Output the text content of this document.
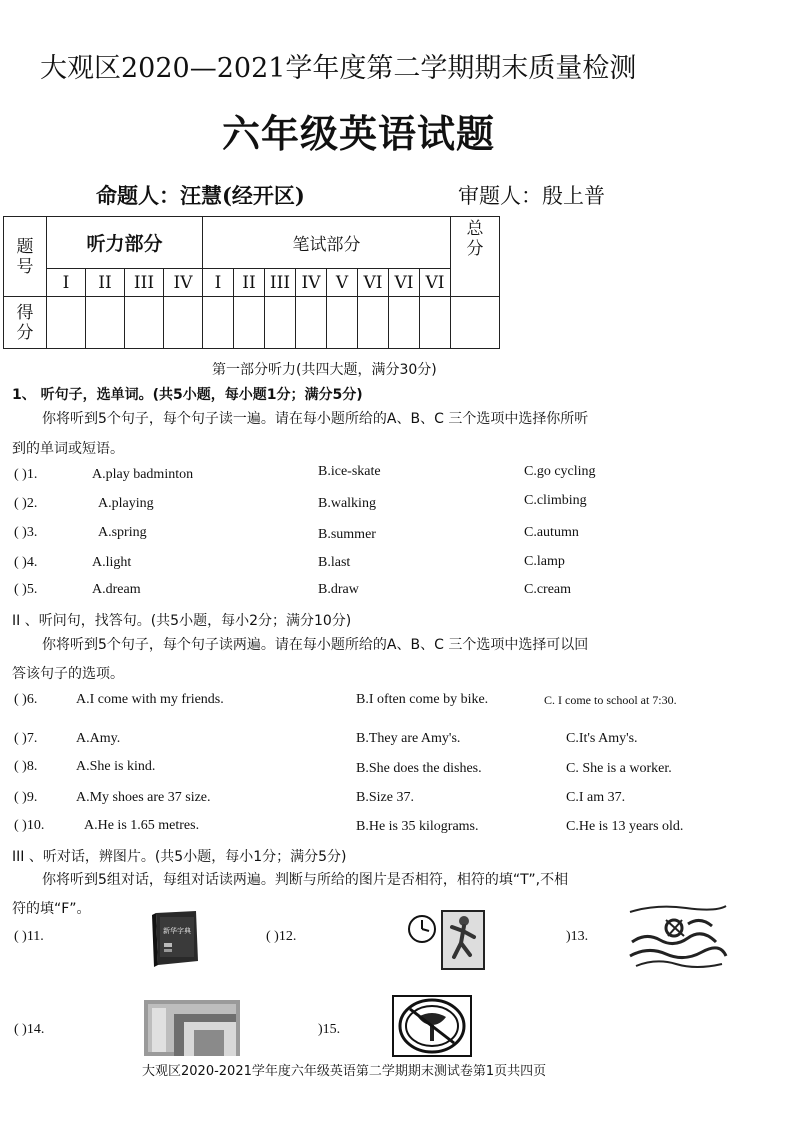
大观区2020—2021学年度第二学期期末质量检测
六年级英语试题
命题人：汪慧(经开区)	审题人：殷上普
题号	听力部分				笔试部分								总分

	I	II	III	IV	I	II	III	IV	V	VI	VI	VI	

得分													

第一部分听力(共四大题，满分30分)
1、 听句子，选单词。(共5小题，每小题1分；满分5分)
你将听到5个句子，每个句子读一遍。请在每小题所给的A、B、C 三个选项中选择你所听
到的单词或短语。
( )1.	A.play badminton	B.ice-skate	C.go cycling
( )2.	A.playing	B.walking	C.climbing
( )3.	A.spring	B.summer	C.autumn
( )4.	A.light	B.last	C.lamp
( )5.	A.dream	B.draw	C.cream
II 、听问句，找答句。(共5小题，每小2分；满分10分)
你将听到5个句子，每个句子读两遍。请在每小题所给的A、B、C 三个选项中选择可以回
答该句子的选项。
( )6.	A.I come with my friends.	B.I often come by bike.	C. I come to school at 7:30.
( )7.	A.Amy.	B.They are Amy's.	C.It's Amy's.
( )8.	A.She is kind.	B.She does the dishes.	C. She is a worker.
( )9.	A.My shoes are 37 size.	B.Size 37.	C.I am 37.
( )10.	A.He is 1.65 metres.	B.He is 35 kilograms.	C.He is 13 years old.
III 、听对话，辨图片。(共5小题，每小1分；满分5分)
你将听到5组对话，每组对话读两遍。判断与所给的图片是否相符，相符的填“T”,不相
符的填“F”。
( )11.	新华字典	( )12.	)13.
( )14.	)15.
大观区2020-2021学年度六年级英语第二学期期末测试卷第1页共四页
